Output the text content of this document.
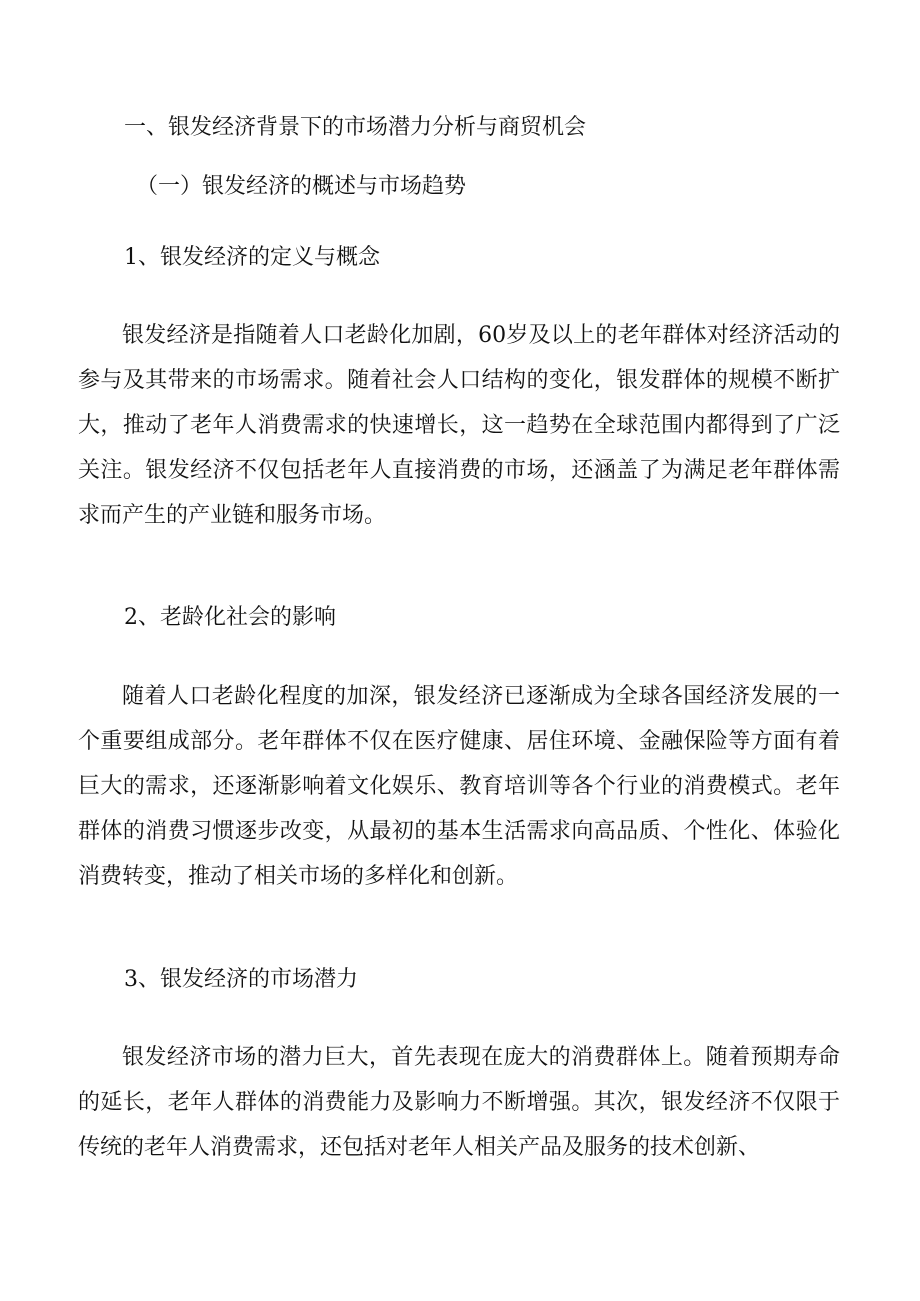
一、银发经济背景下的市场潜力分析与商贸机会
（一）银发经济的概述与市场趋势
1、银发经济的定义与概念
银发经济是指随着人口老龄化加剧，60岁及以上的老年群体对经济活动的参与及其带来的市场需求。随着社会人口结构的变化，银发群体的规模不断扩大，推动了老年人消费需求的快速增长，这一趋势在全球范围内都得到了广泛关注。银发经济不仅包括老年人直接消费的市场，还涵盖了为满足老年群体需求而产生的产业链和服务市场。
2、老龄化社会的影响
随着人口老龄化程度的加深，银发经济已逐渐成为全球各国经济发展的一个重要组成部分。老年群体不仅在医疗健康、居住环境、金融保险等方面有着巨大的需求，还逐渐影响着文化娱乐、教育培训等各个行业的消费模式。老年群体的消费习惯逐步改变，从最初的基本生活需求向高品质、个性化、体验化消费转变，推动了相关市场的多样化和创新。
3、银发经济的市场潜力
银发经济市场的潜力巨大，首先表现在庞大的消费群体上。随着预期寿命的延长，老年人群体的消费能力及影响力不断增强。其次，银发经济不仅限于传统的老年人消费需求，还包括对老年人相关产品及服务的技术创新、
